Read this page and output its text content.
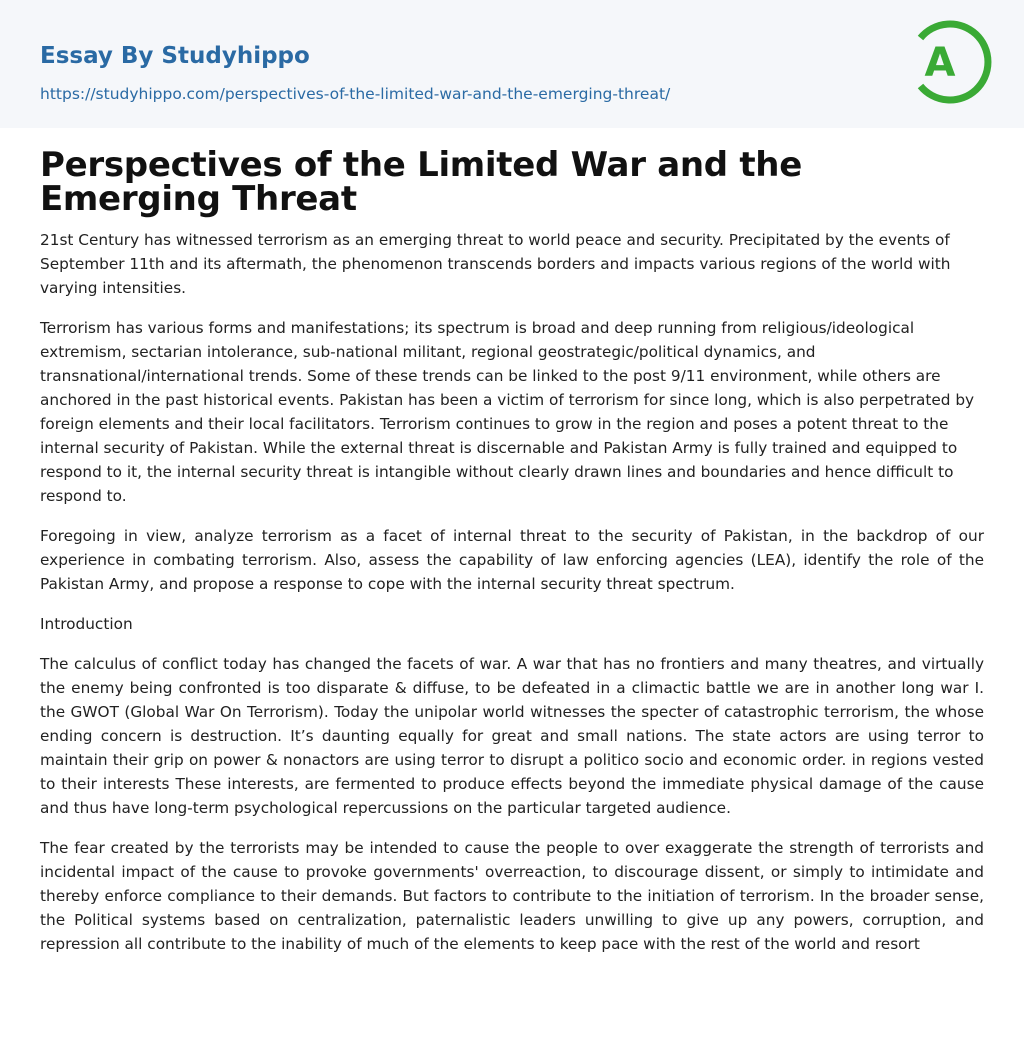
Essay By Studyhippo
https://studyhippo.com/perspectives-of-the-limited-war-and-the-emerging-threat/
A
Perspectives of the Limited War and the Emerging Threat

21st Century has witnessed terrorism as an emerging threat to world peace and security. Precipitated by the events of September 11th and its aftermath, the phenomenon transcends borders and impacts various regions of the world with varying intensities.

Terrorism has various forms and manifestations; its spectrum is broad and deep running from religious/ideological extremism, sectarian intolerance, sub-national militant, regional geostrategic/political dynamics, and transnational/international trends. Some of these trends can be linked to the post 9/11 environment, while others are anchored in the past historical events. Pakistan has been a victim of terrorism for since long, which is also perpetrated by foreign elements and their local facilitators. Terrorism continues to grow in the region and poses a potent threat to the internal security of Pakistan. While the external threat is discernable and Pakistan Army is fully trained and equipped to respond to it, the internal security threat is intangible without clearly drawn lines and boundaries and hence difficult to respond to.

Foregoing in view, analyze terrorism as a facet of internal threat to the security of Pakistan, in the backdrop of our experience in combating terrorism. Also, assess the capability of law enforcing agencies (LEA), identify the role of the Pakistan Army, and propose a response to cope with the internal security threat spectrum.

Introduction

The calculus of conflict today has changed the facets of war. A war that has no frontiers and many theatres, and virtually the enemy being confronted is too disparate & diffuse, to be defeated in a climactic battle we are in another long war I. the GWOT (Global War On Terrorism). Today the unipolar world witnesses the specter of catastrophic terrorism, the whose ending concern is destruction. It’s daunting equally for great and small nations. The state actors are using terror to maintain their grip on power & nonactors are using terror to disrupt a politico socio and economic order. in regions vested to their interests These interests, are fermented to produce effects beyond the immediate physical damage of the cause and thus have long-term psychological repercussions on the particular targeted audience.

The fear created by the terrorists may be intended to cause the people to over exaggerate the strength of terrorists and incidental impact of the cause to provoke governments' overreaction, to discourage dissent, or simply to intimidate and thereby enforce compliance to their demands. But factors to contribute to the initiation of terrorism. In the broader sense, the Political systems based on centralization, paternalistic leaders unwilling to give up any powers, corruption, and repression all contribute to the inability of much of the elements to keep pace with the rest of the world and resort
